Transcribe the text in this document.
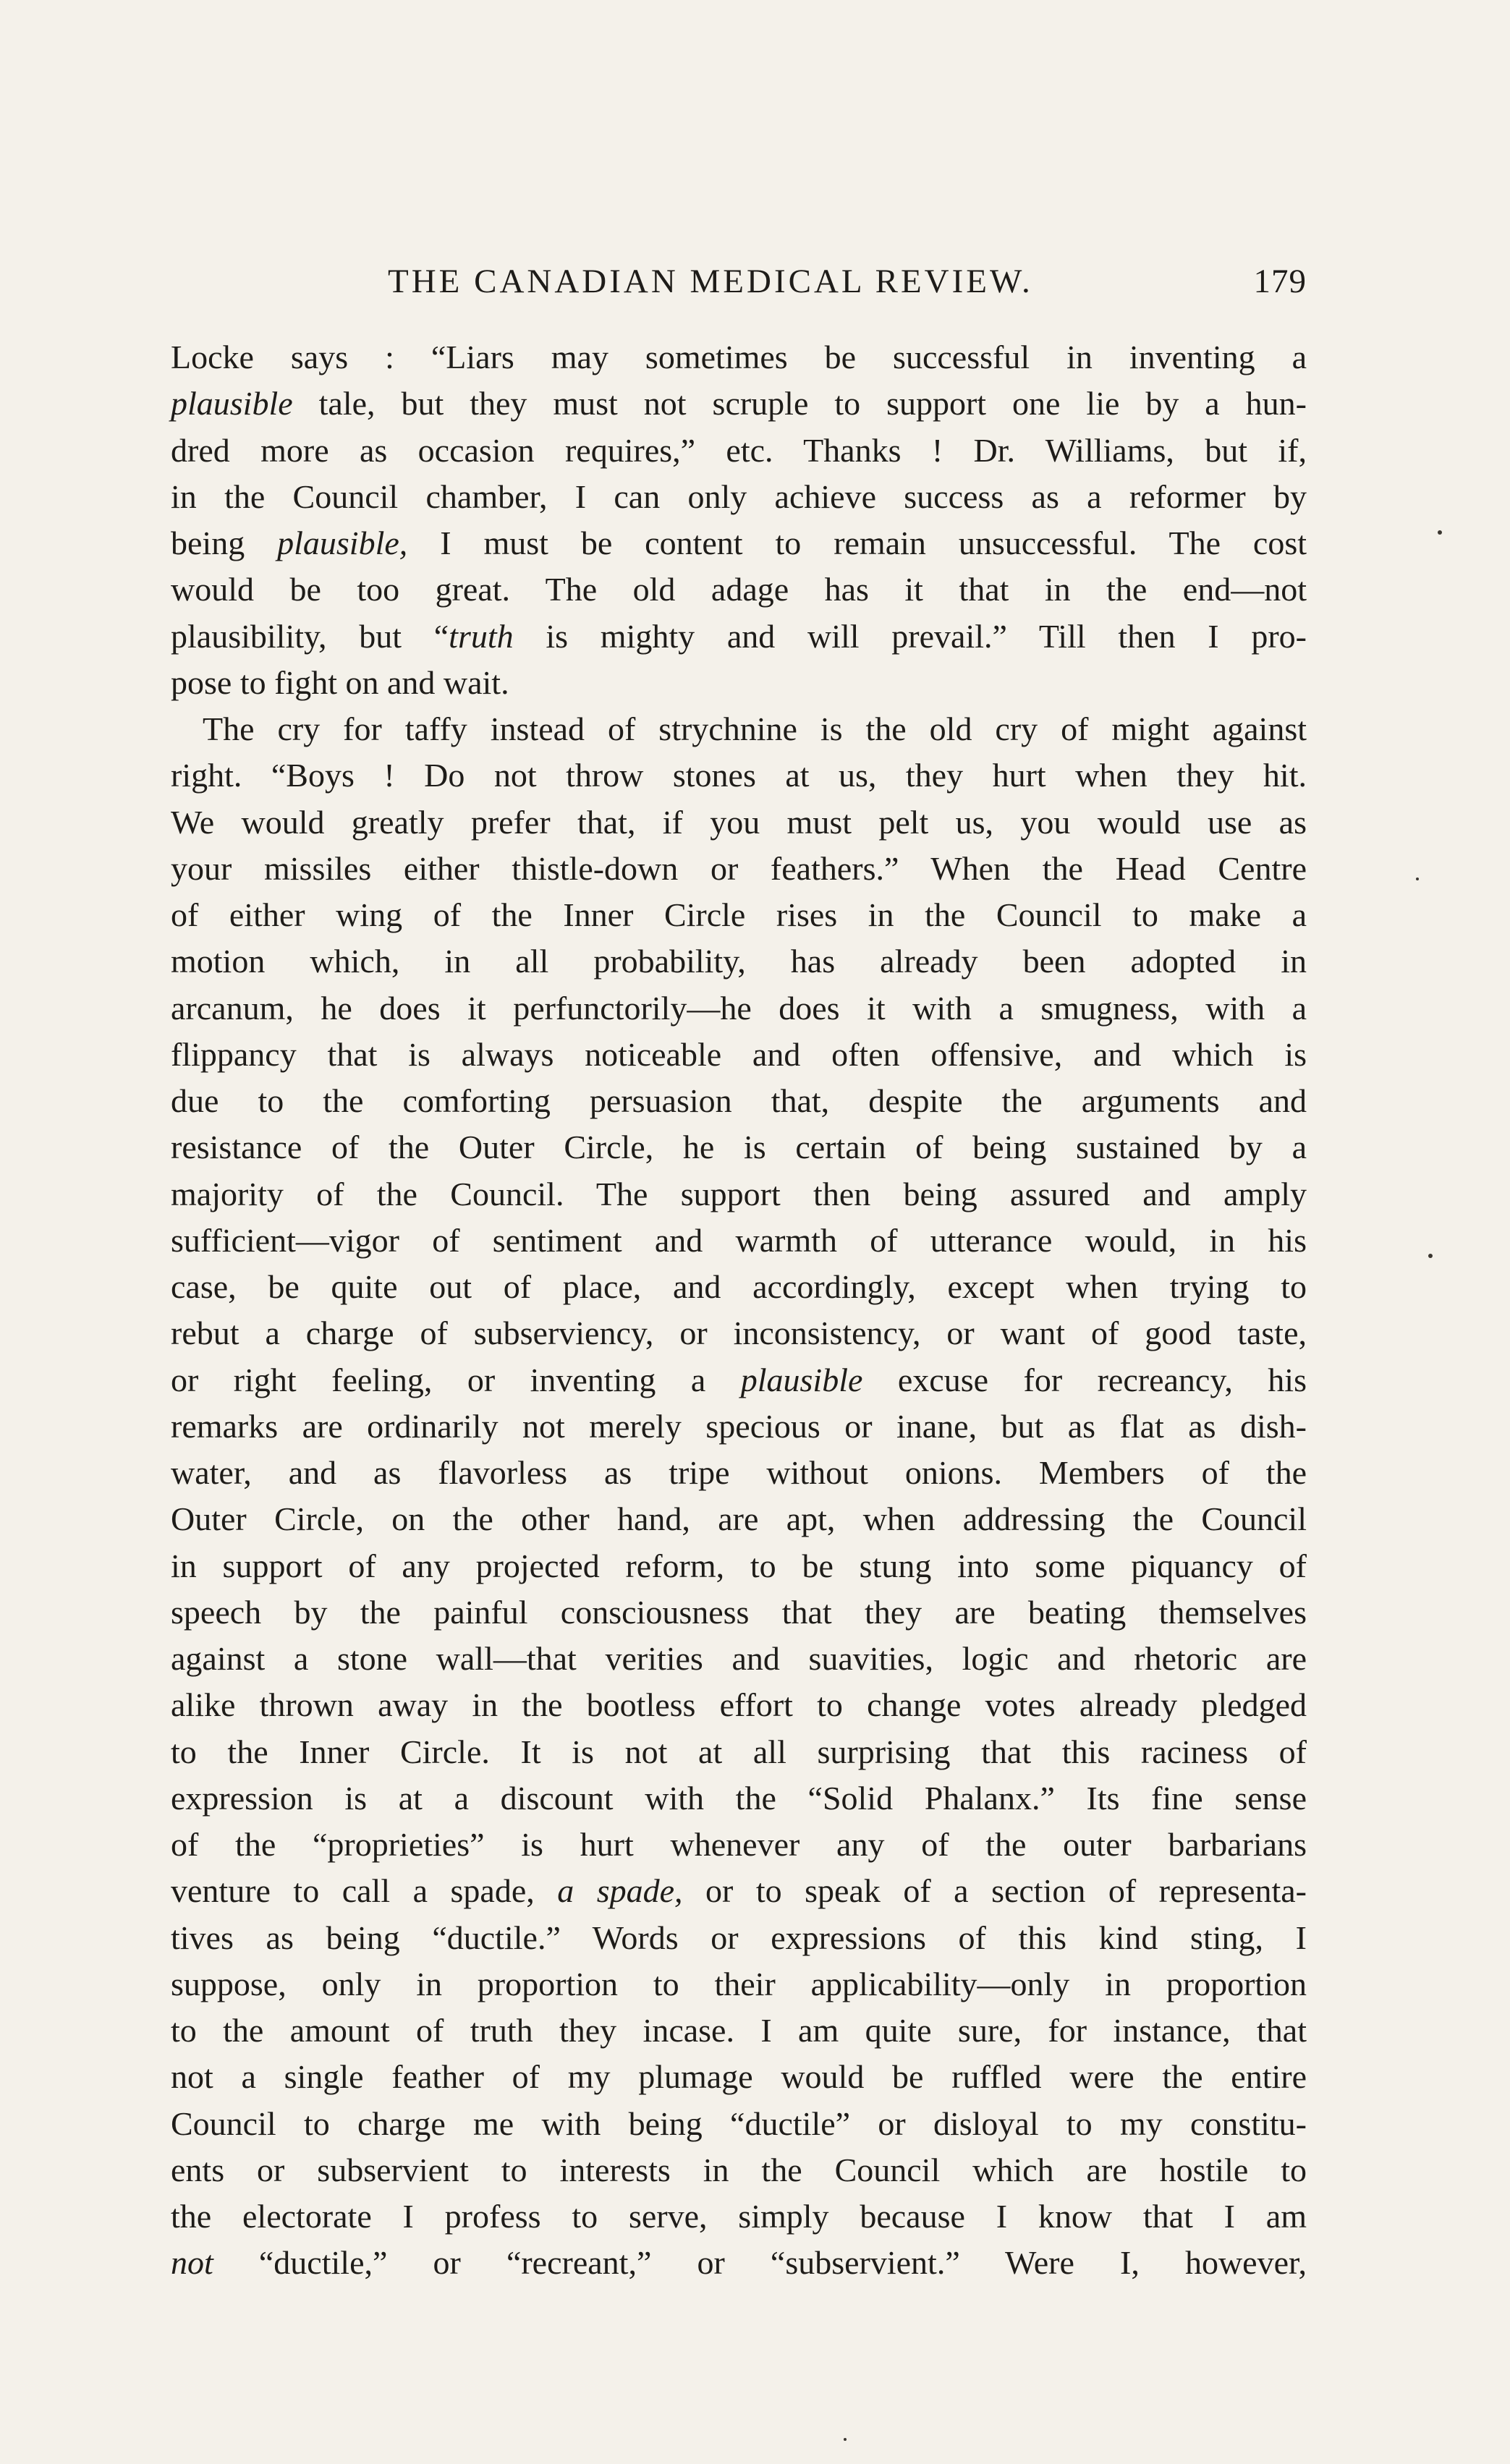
THE CANADIAN MEDICAL REVIEW.	179
Locke says : “Liars may sometimes be successful in inventing a
plausible tale, but they must not scruple to support one lie by a hun-
dred more as occasion requires,” etc. Thanks ! Dr. Williams, but if,
in the Council chamber, I can only achieve success as a reformer by
being plausible, I must be content to remain unsuccessful. The cost
would be too great. The old adage has it that in the end—not
plausibility, but “truth is mighty and will prevail.” Till then I pro-
pose to fight on and wait.
The cry for taffy instead of strychnine is the old cry of might against
right. “Boys ! Do not throw stones at us, they hurt when they hit.
We would greatly prefer that, if you must pelt us, you would use as
your missiles either thistle-down or feathers.” When the Head Centre
of either wing of the Inner Circle rises in the Council to make a
motion which, in all probability, has already been adopted in
arcanum, he does it perfunctorily—he does it with a smugness, with a
flippancy that is always noticeable and often offensive, and which is
due to the comforting persuasion that, despite the arguments and
resistance of the Outer Circle, he is certain of being sustained by a
majority of the Council. The support then being assured and amply
sufficient—vigor of sentiment and warmth of utterance would, in his
case, be quite out of place, and accordingly, except when trying to
rebut a charge of subserviency, or inconsistency, or want of good taste,
or right feeling, or inventing a plausible excuse for recreancy, his
remarks are ordinarily not merely specious or inane, but as flat as dish-
water, and as flavorless as tripe without onions. Members of the
Outer Circle, on the other hand, are apt, when addressing the Council
in support of any projected reform, to be stung into some piquancy of
speech by the painful consciousness that they are beating themselves
against a stone wall—that verities and suavities, logic and rhetoric are
alike thrown away in the bootless effort to change votes already pledged
to the Inner Circle. It is not at all surprising that this raciness of
expression is at a discount with the “Solid Phalanx.” Its fine sense
of the “proprieties” is hurt whenever any of the outer barbarians
venture to call a spade, a spade, or to speak of a section of representa-
tives as being “ductile.” Words or expressions of this kind sting, I
suppose, only in proportion to their applicability—only in proportion
to the amount of truth they incase. I am quite sure, for instance, that
not a single feather of my plumage would be ruffled were the entire
Council to charge me with being “ductile” or disloyal to my constitu-
ents or subservient to interests in the Council which are hostile to
the electorate I profess to serve, simply because I know that I am
not “ductile,” or “recreant,” or “subservient.” Were I, however,
